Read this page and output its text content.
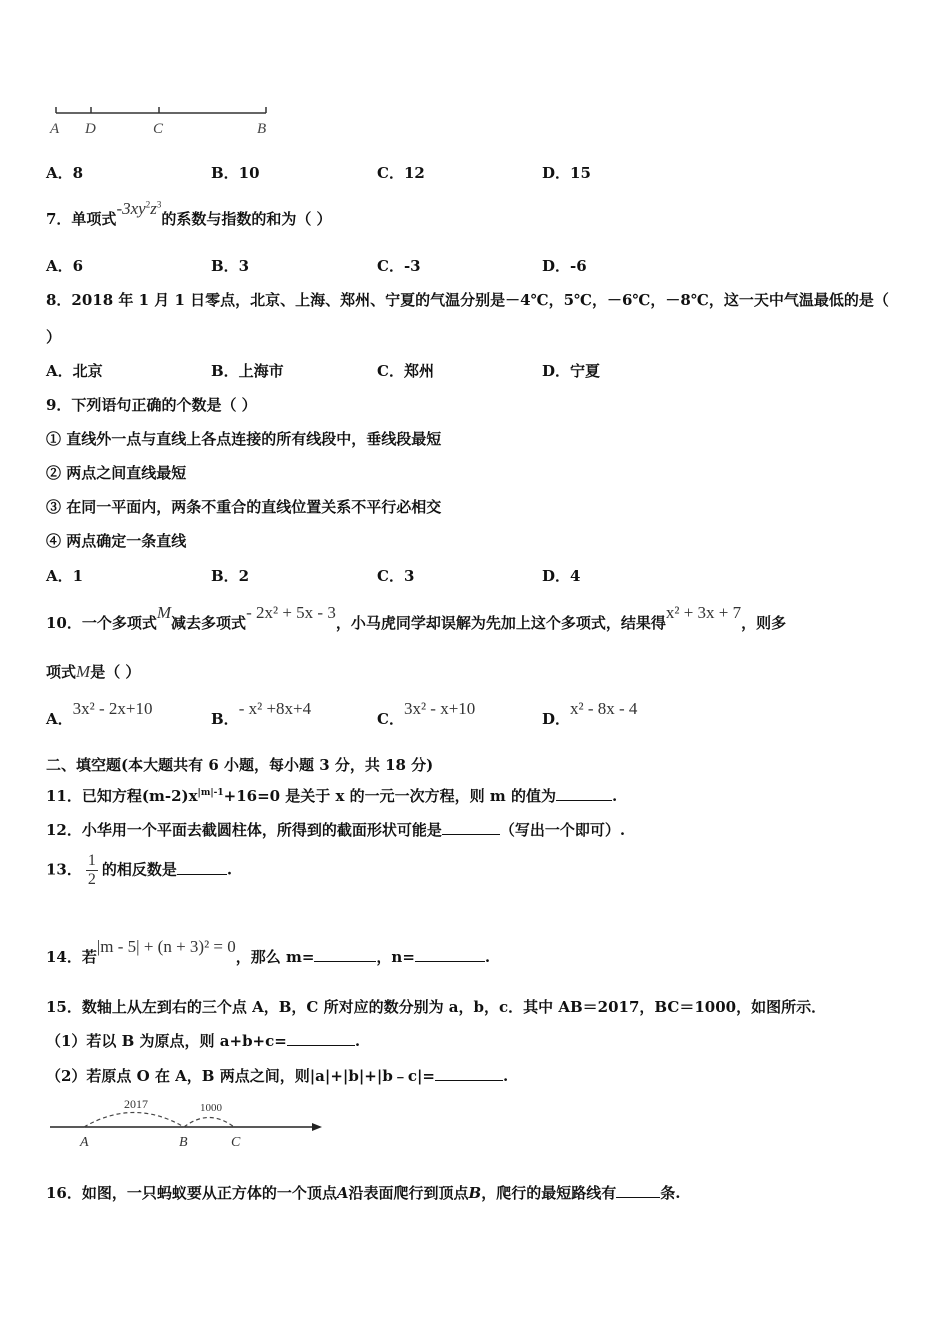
A D	C	B
A．8	B．10	C．12	D．15
7．单项式$-3xy^2z^3$的系数与指数的和为（ ）
A．6	B．3	C．-3	D．-6
8．2018 年 1 月 1 日零点，北京、上海、郑州、宁夏的气温分别是－4℃，5℃，－6℃，－8℃，这一天中气温最低的是（
）
A．北京	B．上海市	C．郑州	D．宁夏
9．下列语句正确的个数是（ ）
① 直线外一点与直线上各点连接的所有线段中，垂线段最短
② 两点之间直线最短
③ 在同一平面内，两条不重合的直线位置关系不平行必相交
④ 两点确定一条直线
A．1	B．2	C．3	D．4
10．一个多项式M减去多项式- 2x² + 5x - 3，小马虎同学却误解为先加上这个多项式，结果得x² + 3x + 7，则多
项式M是（ ）
A．3x² - 2x+10
B．- x² +8x+4
C．3x² - x+10
D．x² - 8x - 4
二、填空题(本大题共有 6 小题，每小题 3 分，共 18 分)
11．已知方程$(m-2)x^{|m|-1}+16=0$ 是关于 x 的一元一次方程，则 m 的值为	.
12．小华用一个平面去截圆柱体，所得到的截面形状可能是	（写出一个即可）.
13． $\frac{1}{2}$ 的相反数是	.
14．若|m - 5| + (n + 3)² = 0，那么 m=	，n=	.
15．数轴上从左到右的三个点 A，B，C 所对应的数分别为 a，b，c．其中 AB＝2017，BC＝1000，如图所示．
（1）若以 B 为原点，则 a+b+c=	.
（2）若原点 O 在 A，B 两点之间，则|a|+|b|+|b﹣c|=	.
2017	1000
A	B	C
16．如图，一只蚂蚁要从正方体的一个顶点A沿表面爬行到顶点B，爬行的最短路线有	条.
